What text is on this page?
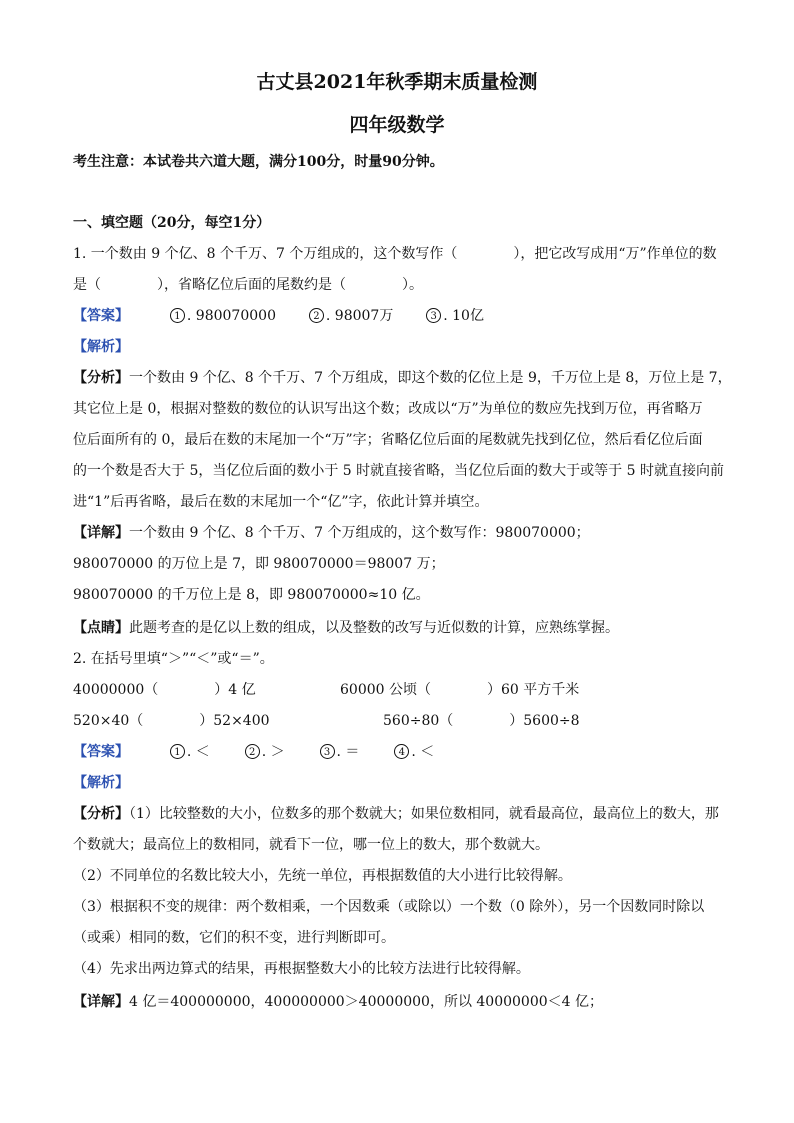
古丈县2021年秋季期末质量检测
四年级数学
考生注意：本试卷共六道大题，满分100分，时量90分钟。
一、填空题（20分，每空1分）
1. 一个数由 9 个亿、8 个千万、7 个万组成的，这个数写作（　　　　），把它改写成用“万”作单位的数
是（　　　　），省略亿位后面的尾数约是（　　　　）。
【答案】	1 . 980070000	2 . 98007万	3 . 10亿
【解析】
【分析】一个数由 9 个亿、8 个千万、7 个万组成，即这个数的亿位上是 9，千万位上是 8，万位上是 7，
其它位上是 0，根据对整数的数位的认识写出这个数；改成以“万”为单位的数应先找到万位，再省略万
位后面所有的 0，最后在数的末尾加一个“万”字；省略亿位后面的尾数就先找到亿位，然后看亿位后面
的一个数是否大于 5，当亿位后面的数小于 5 时就直接省略，当亿位后面的数大于或等于 5 时就直接向前
进“1”后再省略，最后在数的末尾加一个“亿”字，依此计算并填空。
【详解】一个数由 9 个亿、8 个千万、7 个万组成的，这个数写作：980070000；
980070000 的万位上是 7，即 980070000＝98007 万；
980070000 的千万位上是 8，即 980070000≈10 亿。
【点睛】此题考查的是亿以上数的组成，以及整数的改写与近似数的计算，应熟练掌握。
2. 在括号里填“＞”“＜”或“＝”。
40000000（　　　　）4 亿	60000 公顷（　　　　）60 平方千米
520×40（　　　　）52×400	560÷80（　　　　）5600÷8
【答案】	1 . ＜	2 . ＞	3 . ＝	4 . ＜
【解析】
【分析】（1）比较整数的大小，位数多的那个数就大；如果位数相同，就看最高位，最高位上的数大，那
个数就大；最高位上的数相同，就看下一位，哪一位上的数大，那个数就大。
（2）不同单位的名数比较大小，先统一单位，再根据数值的大小进行比较得解。
（3）根据积不变的规律：两个数相乘，一个因数乘（或除以）一个数（0 除外），另一个因数同时除以
（或乘）相同的数，它们的积不变，进行判断即可。
（4）先求出两边算式的结果，再根据整数大小的比较方法进行比较得解。
【详解】4 亿＝400000000，400000000＞40000000，所以 40000000＜4 亿；
